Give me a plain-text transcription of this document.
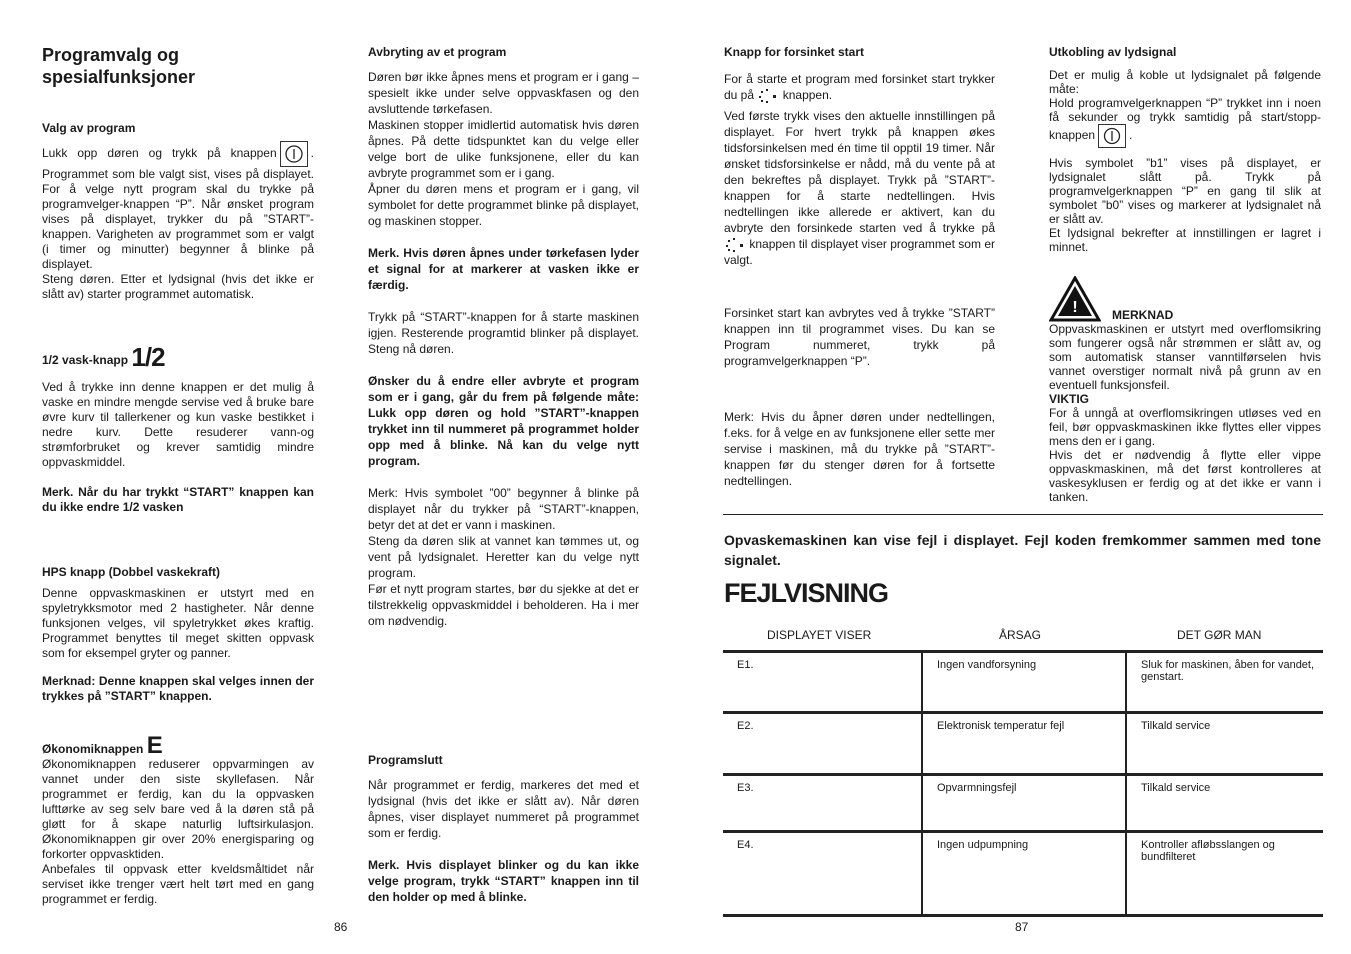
Programvalg og spesialfunksjoner

Valg av program

Lukk opp døren og trykk på knappen	. Programmet som ble valgt sist, vises på displayet. For å velge nytt program skal du trykke på programvelger-knappen “P”. Når ønsket program vises på displayet, trykker du på ”START”-knappen. Varigheten av programmet som er valgt (i timer og minutter) begynner å blinke på displayet.

Steng døren. Etter et lydsignal (hvis det ikke er slått av) starter programmet automatisk.

1/2 vask-knapp 1/2

Ved å trykke inn denne knappen er det mulig å vaske en mindre mengde servise ved å bruke bare øvre kurv til tallerkener og kun vaske bestikket i nedre kurv. Dette resuderer vann-og strømforbruket og krever samtidig mindre oppvaskmiddel.

Merk. Når du har trykkt “START” knappen kan du ikke endre 1/2 vasken

HPS knapp (Dobbel vaskekraft)

Denne oppvaskmaskinen er utstyrt med en spyletrykksmotor med 2 hastigheter. Når denne funksjonen velges, vil spyletrykket økes kraftig. Programmet benyttes til meget skitten oppvask som for eksempel gryter og panner.

Merknad: Denne knappen skal velges innen der trykkes på ”START” knappen.

Økonomiknappen E

Økonomiknappen reduserer oppvarmingen av vannet under den siste skyllefasen. Når programmet er ferdig, kan du la oppvasken lufttørke av seg selv bare ved å la døren stå på gløtt for å skape naturlig luftsirkulasjon. Økonomiknappen gir over 20% energisparing og forkorter oppvasktiden.

Anbefales til oppvask etter kveldsmåltidet når serviset ikke trenger vært helt tørt med en gang programmet er ferdig.

Avbryting av et program

Døren bør ikke åpnes mens et program er i gang – spesielt ikke under selve oppvaskfasen og den avsluttende tørkefasen.

Maskinen stopper imidlertid automatisk hvis døren åpnes. På dette tidspunktet kan du velge eller velge bort de ulike funksjonene, eller du kan avbryte programmet som er i gang.

Åpner du døren mens et program er i gang, vil symbolet for dette programmet blinke på displayet, og maskinen stopper.

Merk. Hvis døren åpnes under tørkefasen lyder et signal for at markerer at vasken ikke er færdig.

Trykk på “START”-knappen for å starte maskinen igjen. Resterende programtid blinker på displayet. Steng nå døren.

Ønsker du å endre eller avbryte et program som er i gang, går du frem på følgende måte: Lukk opp døren og hold ”START”-knappen trykket inn til nummeret på programmet holder opp med å blinke. Nå kan du velge nytt program.

Merk: Hvis symbolet ”00” begynner å blinke på displayet når du trykker på “START”-knappen, betyr det at det er vann i maskinen.

Steng da døren slik at vannet kan tømmes ut, og vent på lydsignalet. Heretter kan du velge nytt program.

Før et nytt program startes, bør du sjekke at det er tilstrekkelig oppvaskmiddel i beholderen. Ha i mer om nødvendig.

Programslutt

Når programmet er ferdig, markeres det med et lydsignal (hvis det ikke er slått av). Når døren åpnes, viser displayet nummeret på programmet som er ferdig.

Merk. Hvis displayet blinker og du kan ikke velge program, trykk “START” knappen inn til den holder op med å blinke.

86	87

Knapp for forsinket start

For å starte et program med forsinket start trykker du på knappen.

Ved første trykk vises den aktuelle innstillingen på displayet. For hvert trykk på knappen økes tidsforsinkelsen med én time til opptil 19 timer. Når ønsket tidsforsinkelse er nådd, må du vente på at den bekreftes på displayet. Trykk på ”START”-knappen for å starte nedtellingen. Hvis nedtellingen ikke allerede er aktivert, kan du avbryte den forsinkede starten ved å trykke på  knappen til displayet viser programmet som er valgt.

Forsinket start kan avbrytes ved å trykke ”START” knappen inn til programmet vises. Du kan se Program nummeret, trykk på programvelgerknappen “P”.

Merk: Hvis du åpner døren under nedtellingen, f.eks. for å velge en av funksjonene eller sette mer servise i maskinen, må du trykke på ”START”-knappen før du stenger døren for å fortsette nedtellingen.

Utkobling av lydsignal

Det er mulig å koble ut lydsignalet på følgende måte:

Hold programvelgerknappen “P” trykket inn i noen få sekunder og trykk samtidig på start/stopp-knappen	.

Hvis symbolet ”b1” vises på displayet, er lydsignalet slått på. Trykk på programvelgerknappen “P” en gang til slik at symbolet ”b0” vises og markerer at lydsignalet nå er slått av.

Et lydsignal bekrefter at innstillingen er lagret i minnet.

!	MERKNAD

Oppvaskmaskinen er utstyrt med overflomsikring som fungerer også når strømmen er slått av, og som automatisk stanser vanntilførselen hvis vannet overstiger normalt nivå på grunn av en eventuell funksjonsfeil.

VIKTIG

For å unngå at overflomsikringen utløses ved en feil, bør oppvaskmaskinen ikke flyttes eller vippes mens den er i gang.

Hvis det er nødvendig å flytte eller vippe oppvaskmaskinen, må det først kontrolleres at vaskesyklusen er ferdig og at det ikke er vann i tanken.

Opvaskemaskinen kan vise fejl i displayet. Fejl koden fremkommer sammen med tone signalet.
FEJLVISNING
DISPLAYET VISER	ÅRSAG	DET GØR MAN
E1.	Ingen vandforsyning	Sluk for maskinen, åben for vandet, genstart.
E2.	Elektronisk temperatur fejl	Tilkald service
E3.	Opvarmningsfejl	Tilkald service
E4.	Ingen udpumpning	Kontroller afløbsslangen og bundfilteret
